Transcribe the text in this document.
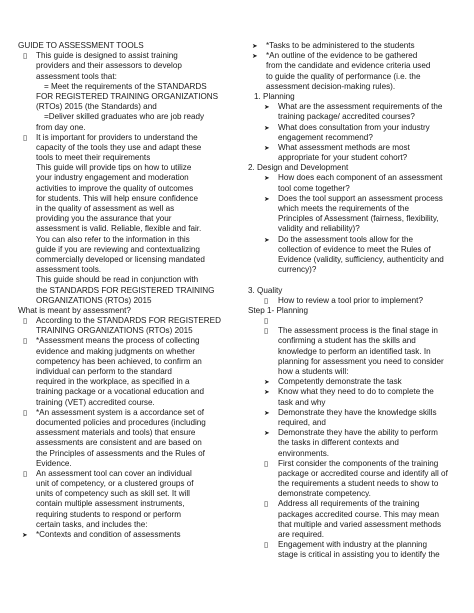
GUIDE TO ASSESSMENT TOOLS
▯ This guide is designed to assist training
providers and their assessors to develop
assessment tools that:
= Meet the requirements of the STANDARDS
FOR REGISTERED TRAINING ORGANIZATIONS
(RTOs) 2015 (the Standards) and
=Deliver skilled graduates who are job ready
from day one.
▯ It is important for providers to understand the
capacity of the tools they use and adapt these
tools to meet their requirements
This guide will provide tips on how to utilize
your industry engagement and moderation
activities to improve the quality of outcomes
for students. This will help ensure confidence
in the quality of assessment as well as
providing you the assurance that your
assessment is valid. Reliable, flexible and fair.
You can also refer to the information in this
guide if you are reviewing and contextualizing
commercially developed or licensing mandated
assessment tools.
This guide should be read in conjunction with
the STANDARDS FOR REGISTERED TRAINING
ORGANIZATIONS (RTOs) 2015
What is meant by assessment?
▯ According to the STANDARDS FOR REGISTERED
TRAINING ORGANIZATIONS (RTOs) 2015
▯ *Assessment means the process of collecting
evidence and making judgments on whether
competency has been achieved, to confirm an
individual can perform to the standard
required in the workplace, as specified in a
training package or a vocational education and
training (VET) accredited course.
▯ *An assessment system is a accordance set of
documented policies and procedures (including
assessment materials and tools) that ensure
assessments are consistent and are based on
the Principles of assessments and the Rules of
Evidence.
▯ An assessment tool can cover an individual
unit of competency, or a clustered groups of
units of competency such as skill set. It will
contain multiple assessment instruments,
requiring students to respond or perform
certain tasks, and includes the:
➤ *Contexts and condition of assessments
➤ *Tasks to be administered to the students
➤ *An outline of the evidence to be gathered
from the candidate and evidence criteria used
to guide the quality of performance (i.e. the
assessment decision-making rules).
1. Planning
➤ What are the assessment requirements of the
training package/ accredited courses?
➤ What does consultation from your industry
engagement recommend?
➤ What assessment methods are most
appropriate for your student cohort?
2. Design and Development
➤ How does each component of an assessment
tool come together?
➤ Does the tool support an assessment process
which meets the requirements of the
Principles of Assessment (fairness, flexibility,
validity and reliability)?
➤ Do the assessment tools allow for the
collection of evidence to meet the Rules of
Evidence (validity, sufficiency, authenticity and
currency)?
3. Quality
▯ How to review a tool prior to implement?
Step 1- Planning
▯
▯ The assessment process is the final stage in
confirming a student has the skills and
knowledge to perform an identified task. In
planning for assessment you need to consider
how a students will:
➤ Competently demonstrate the task
➤ Know what they need to do to complete the
task and why
➤ Demonstrate they have the knowledge skills
required, and
➤ Demonstrate they have the ability to perform
the tasks in different contexts and
environments.
▯ First consider the components of the training
package or accredited course and identify all of
the requirements a student needs to show to
demonstrate competency.
▯ Address all requirements of the training
packages accredited course. This may mean
that multiple and varied assessment methods
are required.
▯ Engagement with industry at the planning
stage is critical in assisting you to identify the
